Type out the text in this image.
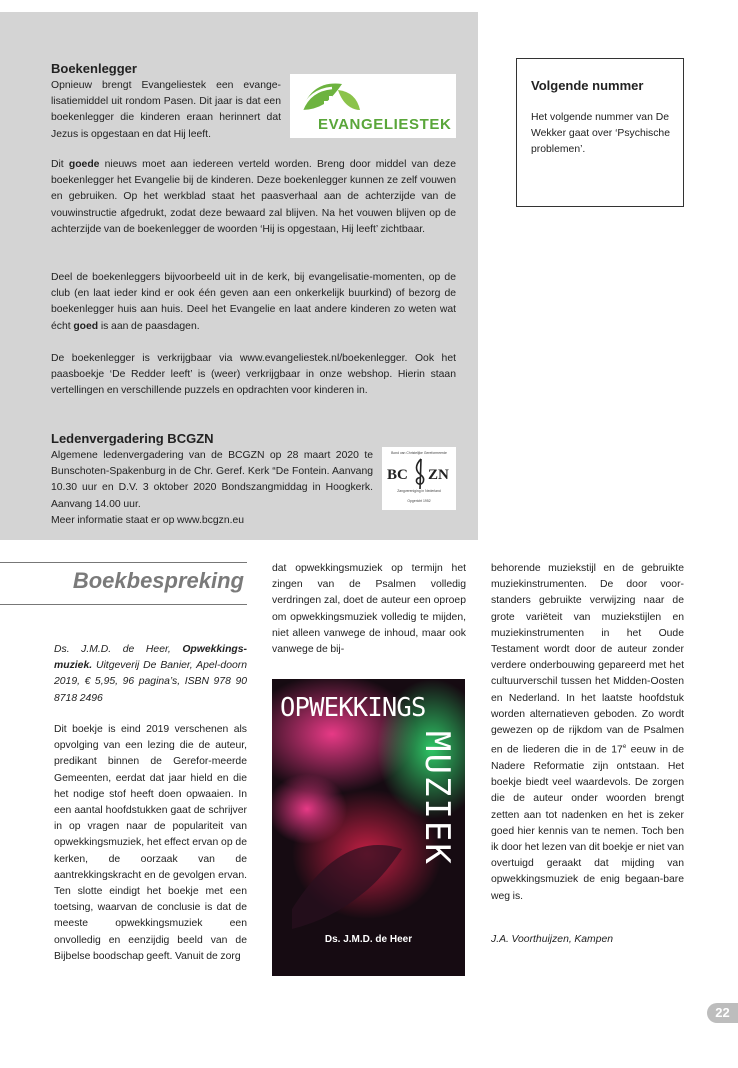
Boekenlegger

Opnieuw brengt Evangeliestek een evange-lisatiemiddel uit rondom Pasen. Dit jaar is dat een boekenlegger die kinderen eraan herinnert dat Jezus is opgestaan en dat Hij leeft.

EVANGELIESTEK

Dit goede nieuws moet aan iedereen verteld worden. Breng door middel van deze boekenlegger het Evangelie bij de kinderen. Deze boekenlegger kunnen ze zelf vouwen en gebruiken. Op het werkblad staat het paasverhaal aan de achterzijde van de vouwinstructie afgedrukt, zodat deze bewaard zal blijven. Na het vouwen blijven op de achterzijde van de boekenlegger de woorden ‘Hij is opgestaan, Hij leeft’ zichtbaar.

Deel de boekenleggers bijvoorbeeld uit in de kerk, bij evangelisatie-momenten, op de club (en laat ieder kind er ook één geven aan een onkerkelijk buurkind) of bezorg de boekenlegger huis aan huis. Deel het Evangelie en laat andere kinderen zo weten wat écht goed is aan de paasdagen.

De boekenlegger is verkrijgbaar via www.evangeliestek.nl/boekenlegger. Ook het paasboekje ‘De Redder leeft’ is (weer) verkrijgbaar in onze webshop. Hierin staan vertellingen en verschillende puzzels en opdrachten voor kinderen in.

Ledenvergadering BCGZN

Algemene ledenvergadering van de BCGZN op 28 maart 2020 te Bunschoten-Spakenburg in de Chr. Geref. Kerk “De Fontein. Aanvang 10.30 uur en D.V. 3 oktober 2020 Bondszangmiddag in Hoogkerk. Aanvang 14.00 uur.

Meer informatie staat er op www.bcgzn.eu

Bond van Christelijke Gereformeerde
BC ZN
Zangvereniging in Nederland
Opgericht 1952
Volgende nummer

Het volgende nummer van De Wekker gaat over ‘Psychische problemen’.

Boekbespreking

Ds. J.M.D. de Heer, Opwekkings-muziek. Uitgeverij De Banier, Apel-doorn 2019, € 5,95, 96 pagina’s, ISBN 978 90 8718 2496

Dit boekje is eind 2019 verschenen als opvolging van een lezing die de auteur, predikant binnen de Gerefor-meerde Gemeenten, eerdat dat jaar hield en die het nodige stof heeft doen opwaaien. In een aantal hoofdstukken gaat de schrijver in op vragen naar de populariteit van opwekkingsmuziek, het effect ervan op de kerken, de oorzaak van de aantrekkingskracht en de gevolgen ervan. Ten slotte eindigt het boekje met een toetsing, waarvan de conclusie is dat de meeste opwekkingsmuziek een onvolledig en eenzijdig beeld van de Bijbelse boodschap geeft. Vanuit de zorg

dat opwekkingsmuziek op termijn het zingen van de Psalmen volledig verdringen zal, doet de auteur een oproep om opwekkingsmuziek volledig te mijden, niet alleen vanwege de inhoud, maar ook vanwege de bij-

OPWEKKINGS
MUZIEK
Ds. J.M.D. de Heer

behorende muziekstijl en de gebruikte muziekinstrumenten. De door voor-standers gebruikte verwijzing naar de grote variëteit van muziekstijlen en muziekinstrumenten in het Oude Testament wordt door de auteur zonder verdere onderbouwing gepareerd met het cultuurverschil tussen het Midden-Oosten en Nederland. In het laatste hoofdstuk worden alternatieven geboden. Zo wordt gewezen op de rijkdom van de Psalmen en de liederen die in de 17e eeuw in de Nadere Reformatie zijn ontstaan. Het boekje biedt veel waardevols. De zorgen die de auteur onder woorden brengt zetten aan tot nadenken en het is zeker goed hier kennis van te nemen. Toch ben ik door het lezen van dit boekje er niet van overtuigd geraakt dat mijding van opwekkingsmuziek de enig begaan-bare weg is.

J.A. Voorthuijzen, Kampen

22
